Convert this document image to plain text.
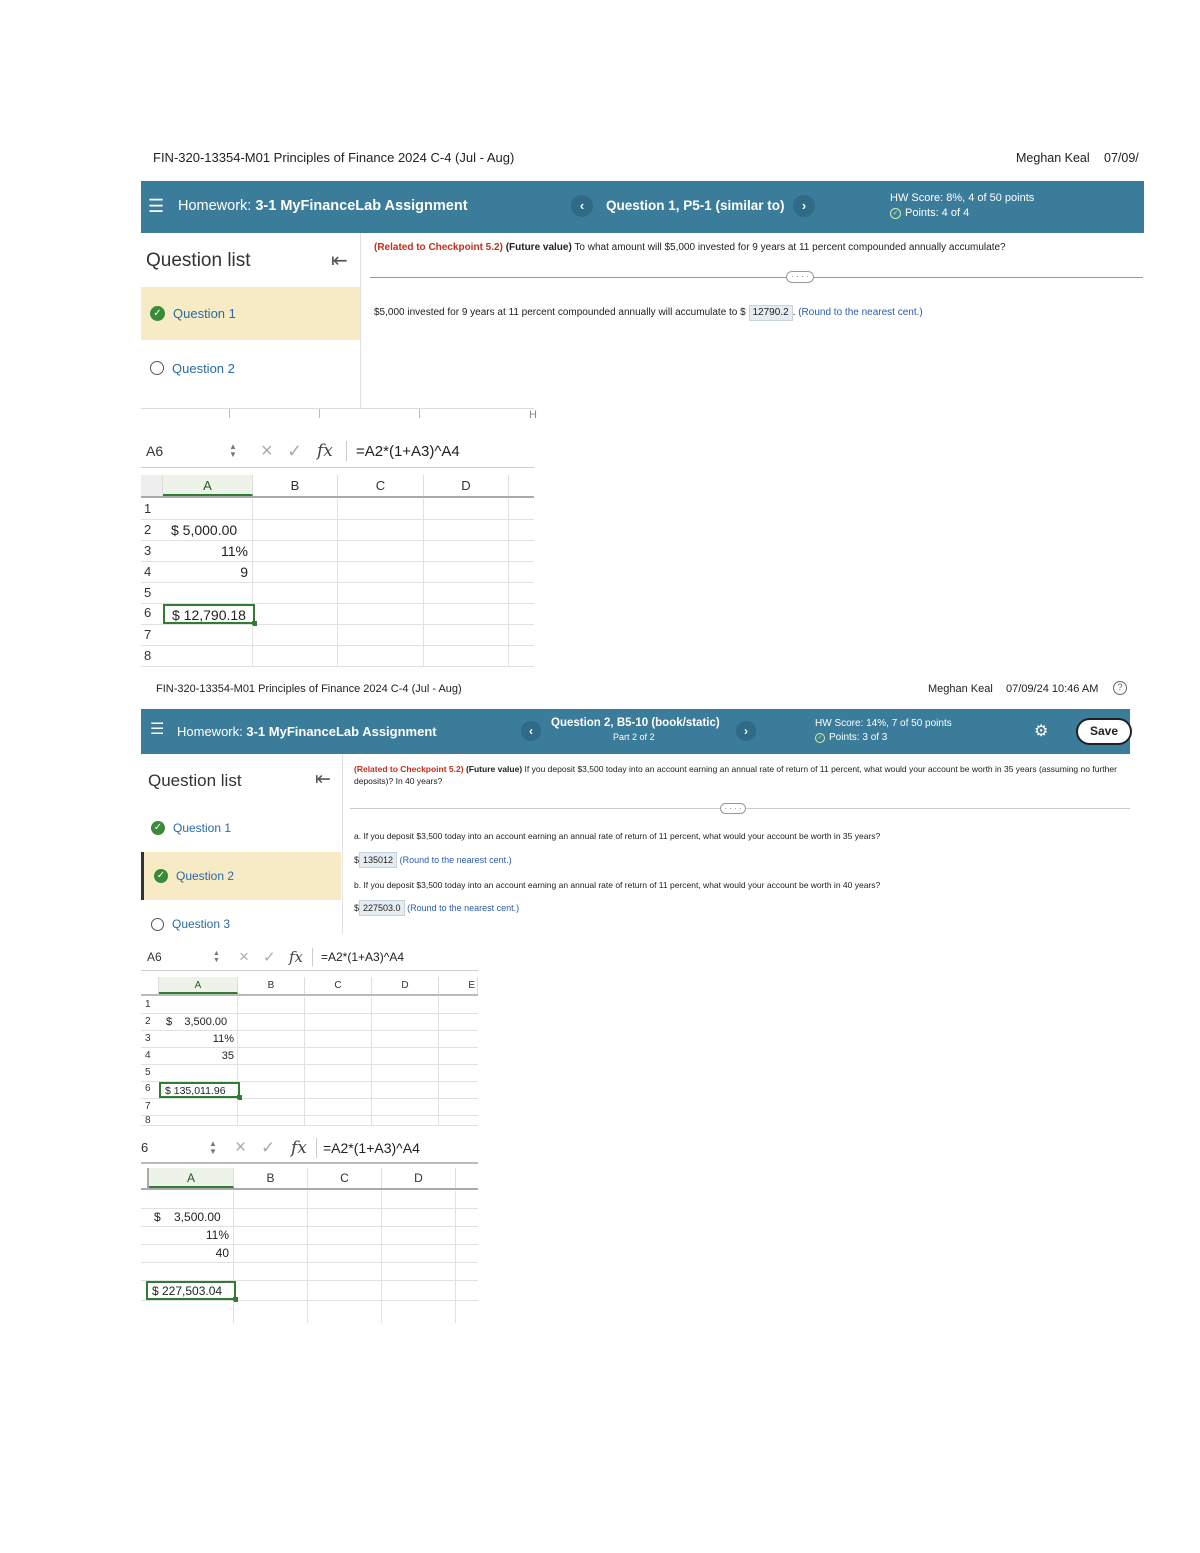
FIN-320-13354-M01 Principles of Finance 2024 C-4 (Jul - Aug)	Meghan Keal 07/09/
☰ Homework: 3-1 MyFinanceLab Assignment	‹	Question 1, P5-1 (similar to)	›	HW Score: 8%, 4 of 50 points
✓ Points: 4 of 4
Question list	⇤
✓ Question 1
Question 2
(Related to Checkpoint 5.2) (Future value) To what amount will $5,000 invested for 9 years at 11 percent compounded annually accumulate?
· · · ·
$5,000 invested for 9 years at 11 percent compounded annually will accumulate to $ 12790.2 . (Round to the nearest cent.)
H
A6	▲
▼	× ✓ fx	=A2*(1+A3)^A4
A	B	C	D
1
2	$ 5,000.00
3	11%
4	9
5
6	$ 12,790.18
7
8
FIN-320-13354-M01 Principles of Finance 2024 C-4 (Jul - Aug)	Meghan Keal 07/09/24 10:46 AM	?
☰ Homework: 3-1 MyFinanceLab Assignment	‹
Question 2, B5-10 (book/static)
Part 2 of 2	›
HW Score: 14%, 7 of 50 points
✓ Points: 3 of 3	⚙	Save
Question list	⇤
✓ Question 1
✓ Question 2
Question 3
(Related to Checkpoint 5.2) (Future value) If you deposit $3,500 today into an account earning an annual rate of return of 11 percent, what would your account be worth in 35 years (assuming no further deposits)? In 40 years?
· · · ·
a. If you deposit $3,500 today into an account earning an annual rate of return of 11 percent, what would your account be worth in 35 years?
$ 135012 (Round to the nearest cent.)
b. If you deposit $3,500 today into an account earning an annual rate of return of 11 percent, what would your account be worth in 40 years?
$ 227503.0 (Round to the nearest cent.)
A6	▲
▼	× ✓ fx	=A2*(1+A3)^A4
A	B	C	D	E
1
2	$    3,500.00
3	11%
4	35
5
6	$ 135,011.96
7
8
6	▲
▼ × ✓ fx	=A2*(1+A3)^A4
A	B	C	D
$    3,500.00
11%
40
$ 227,503.04
